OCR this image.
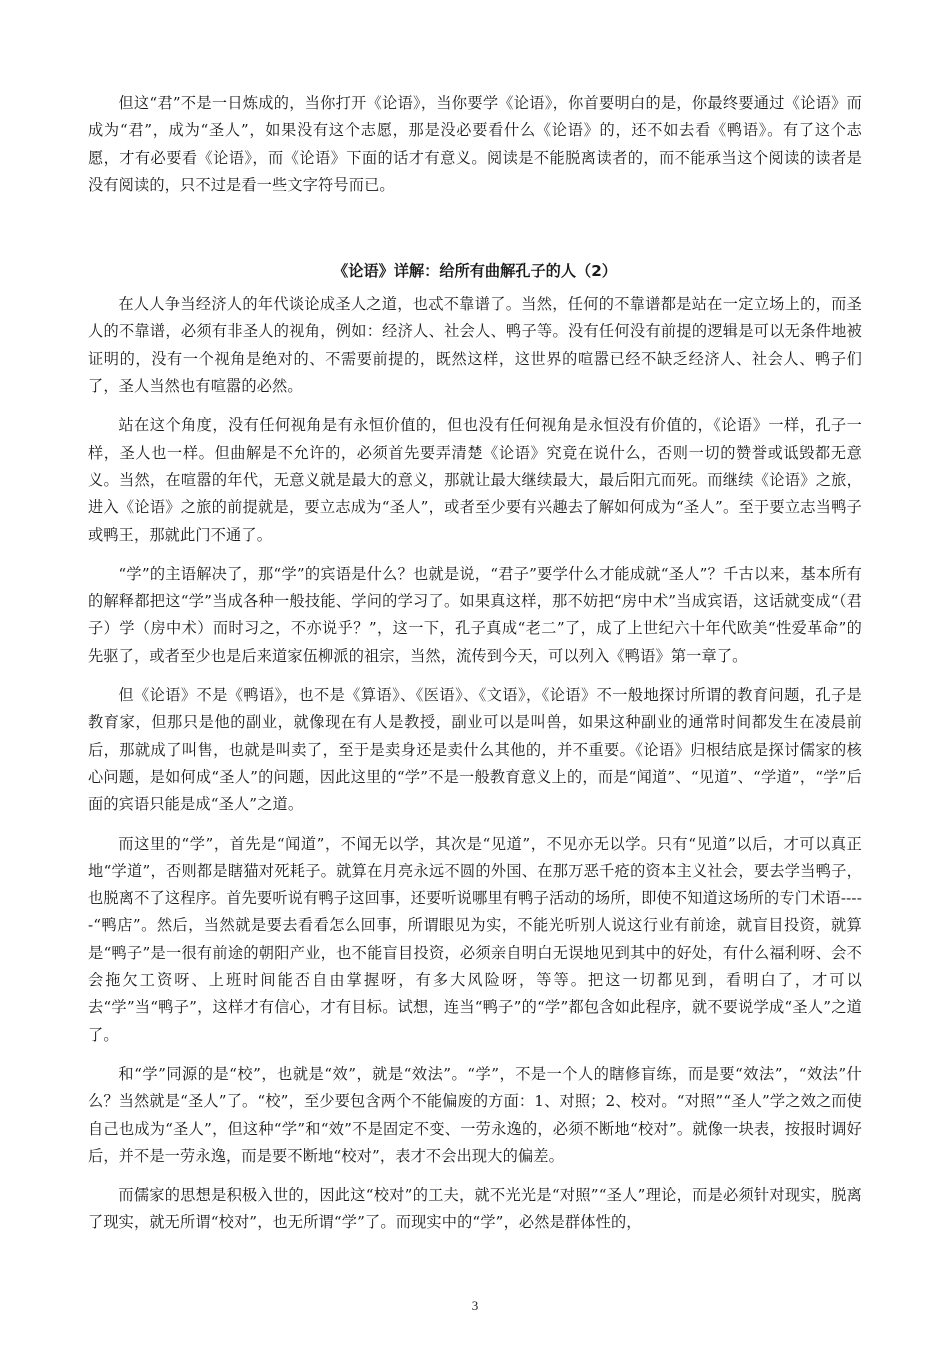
但这“君”不是一日炼成的，当你打开《论语》，当你要学《论语》，你首要明白的是，你最终要通过《论语》而成为“君”，成为“圣人”，如果没有这个志愿，那是没必要看什么《论语》的，还不如去看《鸭语》。有了这个志愿，才有必要看《论语》，而《论语》下面的话才有意义。阅读是不能脱离读者的，而不能承当这个阅读的读者是没有阅读的，只不过是看一些文字符号而已。

《论语》详解：给所有曲解孔子的人（2）

在人人争当经济人的年代谈论成圣人之道，也忒不靠谱了。当然，任何的不靠谱都是站在一定立场上的，而圣人的不靠谱，必须有非圣人的视角，例如：经济人、社会人、鸭子等。没有任何没有前提的逻辑是可以无条件地被证明的，没有一个视角是绝对的、不需要前提的，既然这样，这世界的喧嚣已经不缺乏经济人、社会人、鸭子们了，圣人当然也有喧嚣的必然。

站在这个角度，没有任何视角是有永恒价值的，但也没有任何视角是永恒没有价值的，《论语》一样，孔子一样，圣人也一样。但曲解是不允许的，必须首先要弄清楚《论语》究竟在说什么，否则一切的赞誉或诋毁都无意义。当然，在喧嚣的年代，无意义就是最大的意义，那就让最大继续最大，最后阳亢而死。而继续《论语》之旅，进入《论语》之旅的前提就是，要立志成为“圣人”，或者至少要有兴趣去了解如何成为“圣人”。至于要立志当鸭子或鸭王，那就此门不通了。

“学”的主语解决了，那“学”的宾语是什么？也就是说，“君子”要学什么才能成就“圣人”？千古以来，基本所有的解释都把这“学”当成各种一般技能、学问的学习了。如果真这样，那不妨把“房中术”当成宾语，这话就变成“（君子）学（房中术）而时习之，不亦说乎？”，这一下，孔子真成“老二”了，成了上世纪六十年代欧美“性爱革命”的先驱了，或者至少也是后来道家伍柳派的祖宗，当然，流传到今天，可以列入《鸭语》第一章了。

但《论语》不是《鸭语》，也不是《算语》、《医语》、《文语》，《论语》不一般地探讨所谓的教育问题，孔子是教育家，但那只是他的副业，就像现在有人是教授，副业可以是叫兽，如果这种副业的通常时间都发生在凌晨前后，那就成了叫售，也就是叫卖了，至于是卖身还是卖什么其他的，并不重要。《论语》归根结底是探讨儒家的核心问题，是如何成“圣人”的问题，因此这里的“学”不是一般教育意义上的，而是“闻道”、“见道”、“学道”，“学”后面的宾语只能是成“圣人”之道。

而这里的“学”，首先是“闻道”，不闻无以学，其次是“见道”，不见亦无以学。只有“见道”以后，才可以真正地“学道”，否则都是瞎猫对死耗子。就算在月亮永远不圆的外国、在那万恶千疮的资本主义社会，要去学当鸭子，也脱离不了这程序。首先要听说有鸭子这回事，还要听说哪里有鸭子活动的场所，即使不知道这场所的专门术语-----“鸭店”。然后，当然就是要去看看怎么回事，所谓眼见为实，不能光听别人说这行业有前途，就盲目投资，就算是“鸭子”是一很有前途的朝阳产业，也不能盲目投资，必须亲自明白无误地见到其中的好处，有什么福利呀、会不会拖欠工资呀、上班时间能否自由掌握呀，有多大风险呀，等等。把这一切都见到，看明白了，才可以去“学”当“鸭子”，这样才有信心，才有目标。试想，连当“鸭子”的“学”都包含如此程序，就不要说学成“圣人”之道了。

和“学”同源的是“校”，也就是“效”，就是“效法”。“学”，不是一个人的瞎修盲练，而是要“效法”，“效法”什么？当然就是“圣人”了。“校”，至少要包含两个不能偏废的方面：1、对照；2、校对。“对照”“圣人”学之效之而使自己也成为“圣人”，但这种“学”和“效”不是固定不变、一劳永逸的，必须不断地“校对”。就像一块表，按报时调好后，并不是一劳永逸，而是要不断地“校对”，表才不会出现大的偏差。

而儒家的思想是积极入世的，因此这“校对”的工夫，就不光光是“对照”“圣人”理论，而是必须针对现实，脱离了现实，就无所谓“校对”，也无所谓“学”了。而现实中的“学”，必然是群体性的，

3
